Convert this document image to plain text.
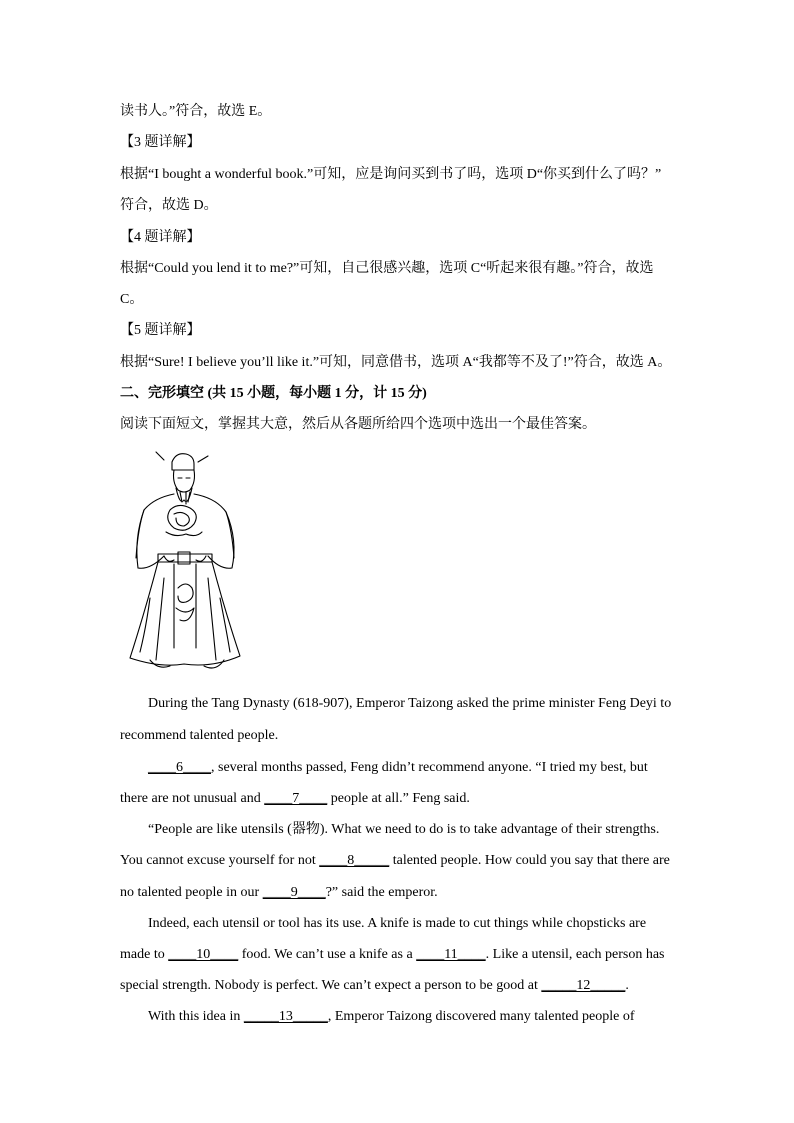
读书人。”符合，故选 E。
【3 题详解】
根据“I bought a wonderful book.”可知，应是询问买到书了吗，选项 D“你买到什么了吗？”
符合，故选 D。
【4 题详解】
根据“Could you lend it to me?”可知，自己很感兴趣，选项 C“听起来很有趣。”符合，故选
C。
【5 题详解】
根据“Sure! I believe you’ll like it.”可知，同意借书，选项 A“我都等不及了!”符合，故选 A。
二、完形填空 (共 15 小题，每小题 1 分，计 15 分)
阅读下面短文，掌握其大意，然后从各题所给四个选项中选出一个最佳答案。
During the Tang Dynasty (618-907), Emperor Taizong asked the prime minister Feng Deyi to
recommend talented people.
____6____, several months passed, Feng didn’t recommend anyone. “I tried my best, but
there are not unusual and ____7____ people at all.” Feng said.
“People are like utensils (器物). What we need to do is to take advantage of their strengths.
You cannot excuse yourself for not ____8_____ talented people. How could you say that there are
no talented people in our ____9____?” said the emperor.
Indeed, each utensil or tool has its use. A knife is made to cut things while chopsticks are
made to ____10____ food. We can’t use a knife as a ____11____. Like a utensil, each person has
special strength. Nobody is perfect. We can’t expect a person to be good at _____12_____.
With this idea in _____13_____, Emperor Taizong discovered many talented people of
